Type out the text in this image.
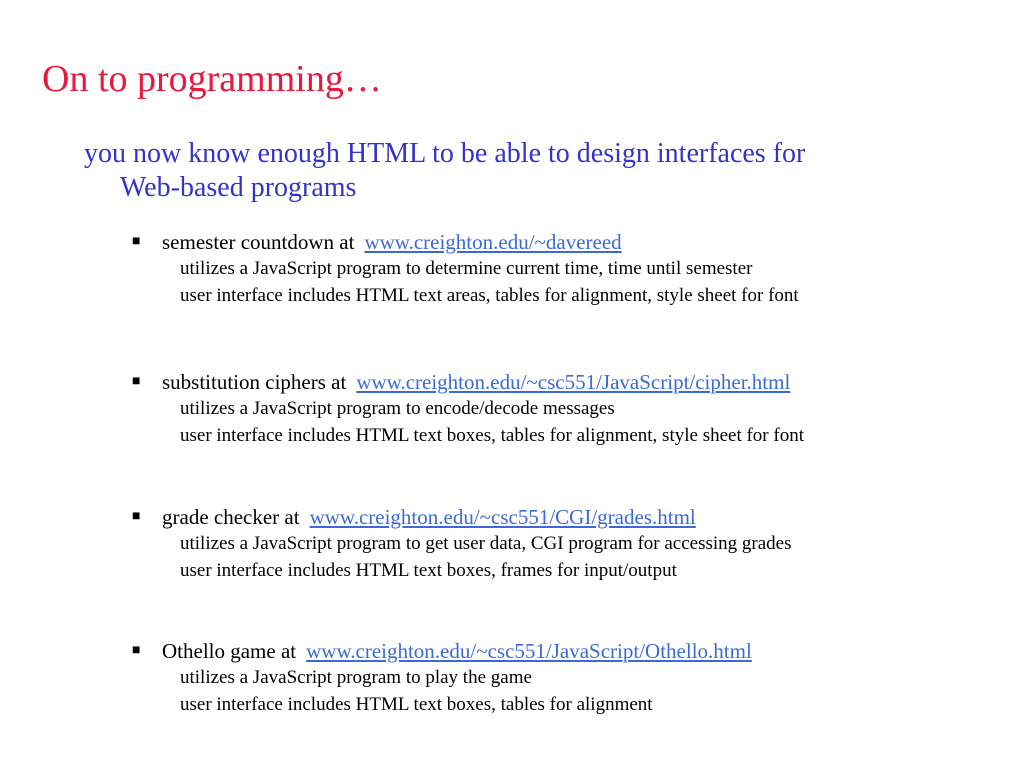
On to programming…
you now know enough HTML to be able to design interfaces for
Web-based programs
■ semester countdown at www.creighton.edu/~davereed
utilizes a JavaScript program to determine current time, time until semester
user interface includes HTML text areas, tables for alignment, style sheet for font
■ substitution ciphers at www.creighton.edu/~csc551/JavaScript/cipher.html
utilizes a JavaScript program to encode/decode messages
user interface includes HTML text boxes, tables for alignment, style sheet for font
■ grade checker at www.creighton.edu/~csc551/CGI/grades.html
utilizes a JavaScript program to get user data, CGI program for accessing grades
user interface includes HTML text boxes, frames for input/output
■ Othello game at www.creighton.edu/~csc551/JavaScript/Othello.html
utilizes a JavaScript program to play the game
user interface includes HTML text boxes, tables for alignment
